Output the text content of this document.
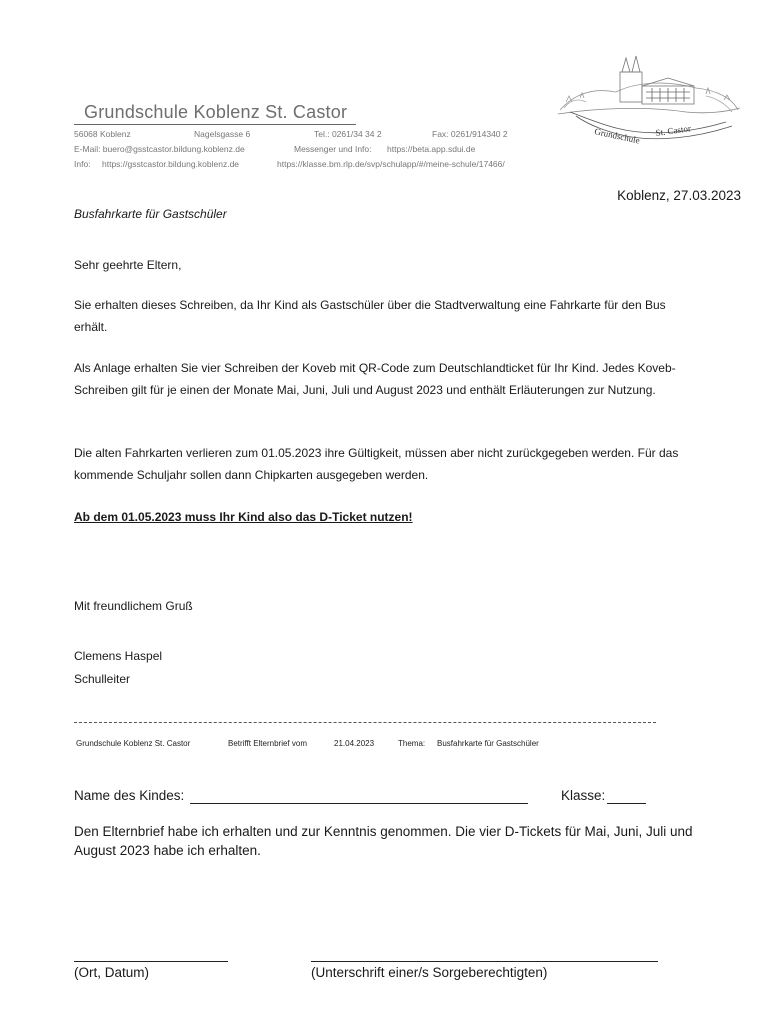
Grundschule Koblenz St. Castor
56068 Koblenz	Nagelsgasse 6	Tel.: 0261/34 34 2	Fax: 0261/914340 2
E-Mail: buero@gsstcastor.bildung.koblenz.de	Messenger und Info: https://beta.app.sdui.de
Info: https://gsstcastor.bildung.koblenz.de	https://klasse.bm.rlp.de/svp/schulapp/#/meine-schule/17466/
Grundschule St. Castor
Koblenz, 27.03.2023
Busfahrkarte für Gastschüler
Sehr geehrte Eltern,
Sie erhalten dieses Schreiben, da Ihr Kind als Gastschüler über die Stadtverwaltung eine Fahrkarte für den Bus erhält.
Als Anlage erhalten Sie vier Schreiben der Koveb mit QR-Code zum Deutschlandticket für Ihr Kind. Jedes Koveb-Schreiben gilt für je einen der Monate Mai, Juni, Juli und August 2023 und enthält Erläuterungen zur Nutzung.
Die alten Fahrkarten verlieren zum 01.05.2023 ihre Gültigkeit, müssen aber nicht zurückgegeben werden. Für das kommende Schuljahr sollen dann Chipkarten ausgegeben werden.
Ab dem 01.05.2023 muss Ihr Kind also das D-Ticket nutzen!
Mit freundlichem Gruß
Clemens Haspel
Schulleiter
Grundschule Koblenz St. Castor	Betrifft Elternbrief vom	21.04.2023	Thema: Busfahrkarte für Gastschüler
Name des Kindes:	Klasse:
Den Elternbrief habe ich erhalten und zur Kenntnis genommen. Die vier D-Tickets für Mai, Juni, Juli und August 2023 habe ich erhalten.
(Ort, Datum)	(Unterschrift einer/s Sorgeberechtigten)
